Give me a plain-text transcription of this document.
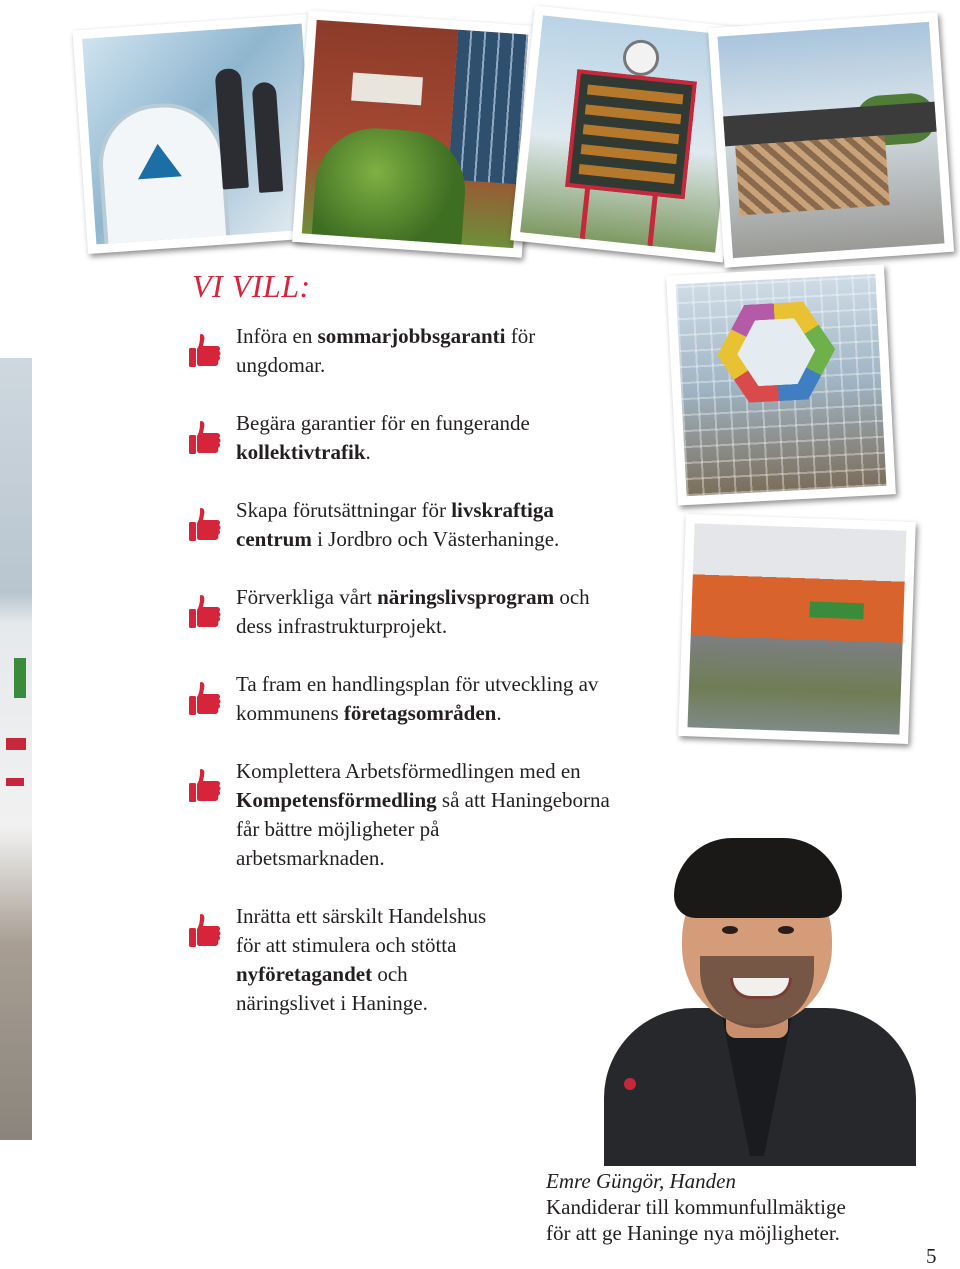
VI VILL:
Införa en sommarjobbsgaranti för
ungdomar.
Begära garantier för en fungerande
kollektivtrafik.
Skapa förutsättningar för livskraftiga
centrum i Jordbro och Västerhaninge.
Förverkliga vårt näringslivsprogram och
dess infrastrukturprojekt.
Ta fram en handlingsplan för utveckling av
kommunens företagsområden.
Komplettera Arbetsförmedlingen med en
Kompetensförmedling så att Haningeborna
får bättre möjligheter på
arbetsmarknaden.
Inrätta ett särskilt Handelshus
för att stimulera och stötta
nyföretagandet och
näringslivet i Haninge.
Emre Güngör, Handen
Kandiderar till kommunfullmäktige
för att ge Haninge nya möjligheter.
5
